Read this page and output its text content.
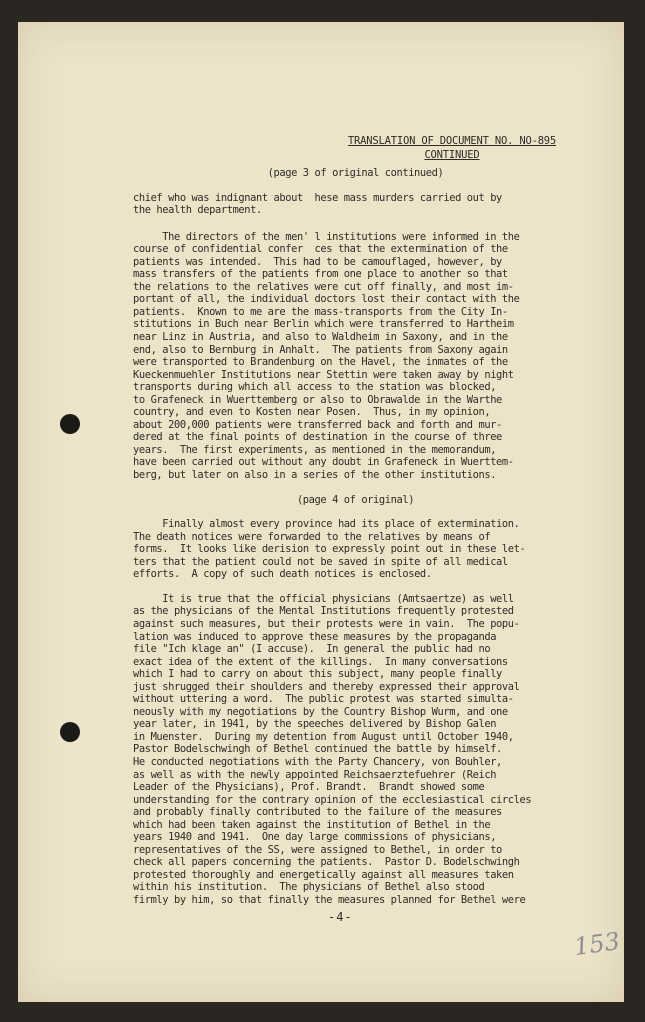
TRANSLATION OF DOCUMENT NO. NO-895
CONTINUED
(page 3 of original continued)
chief who was indignant about  hese mass murders carried out by
the health department.
The directors of the men' l institutions were informed in the
course of confidential confer  ces that the extermination of the
patients was intended.  This had to be camouflaged, however, by
mass transfers of the patients from one place to another so that
the relations to the relatives were cut off finally, and most im-
portant of all, the individual doctors lost their contact with the
patients.  Known to me are the mass-transports from the City In-
stitutions in Buch near Berlin which were transferred to Hartheim
near Linz in Austria, and also to Waldheim in Saxony, and in the
end, also to Bernburg in Anhalt.  The patients from Saxony again
were transported to Brandenburg on the Havel, the inmates of the
Kueckenmuehler Institutions near Stettin were taken away by night
transports during which all access to the station was blocked,
to Grafeneck in Wuerttemberg or also to Obrawalde in the Warthe
country, and even to Kosten near Posen.  Thus, in my opinion,
about 200,000 patients were transferred back and forth and mur-
dered at the final points of destination in the course of three
years.  The first experiments, as mentioned in the memorandum,
have been carried out without any doubt in Grafeneck in Wuerttem-
berg, but later on also in a series of the other institutions.
(page 4 of original)
Finally almost every province had its place of extermination.
The death notices were forwarded to the relatives by means of
forms.  It looks like derision to expressly point out in these let-
ters that the patient could not be saved in spite of all medical
efforts.  A copy of such death notices is enclosed.
It is true that the official physicians (Amtsaertze) as well
as the physicians of the Mental Institutions frequently protested
against such measures, but their protests were in vain.  The popu-
lation was induced to approve these measures by the propaganda
file "Ich klage an" (I accuse).  In general the public had no
exact idea of the extent of the killings.  In many conversations
which I had to carry on about this subject, many people finally
just shrugged their shoulders and thereby expressed their approval
without uttering a word.  The public protest was started simulta-
neously with my negotiations by the Country Bishop Wurm, and one
year later, in 1941, by the speeches delivered by Bishop Galen
in Muenster.  During my detention from August until October 1940,
Pastor Bodelschwingh of Bethel continued the battle by himself.
He conducted negotiations with the Party Chancery, von Bouhler,
as well as with the newly appointed Reichsaerztefuehrer (Reich
Leader of the Physicians), Prof. Brandt.  Brandt showed some
understanding for the contrary opinion of the ecclesiastical circles
and probably finally contributed to the failure of the measures
which had been taken against the institution of Bethel in the
years 1940 and 1941.  One day large commissions of physicians,
representatives of the SS, were assigned to Bethel, in order to
check all papers concerning the patients.  Pastor D. Bodelschwingh
protested thoroughly and energetically against all measures taken
within his institution.  The physicians of Bethel also stood
firmly by him, so that finally the measures planned for Bethel were
-4-
153
